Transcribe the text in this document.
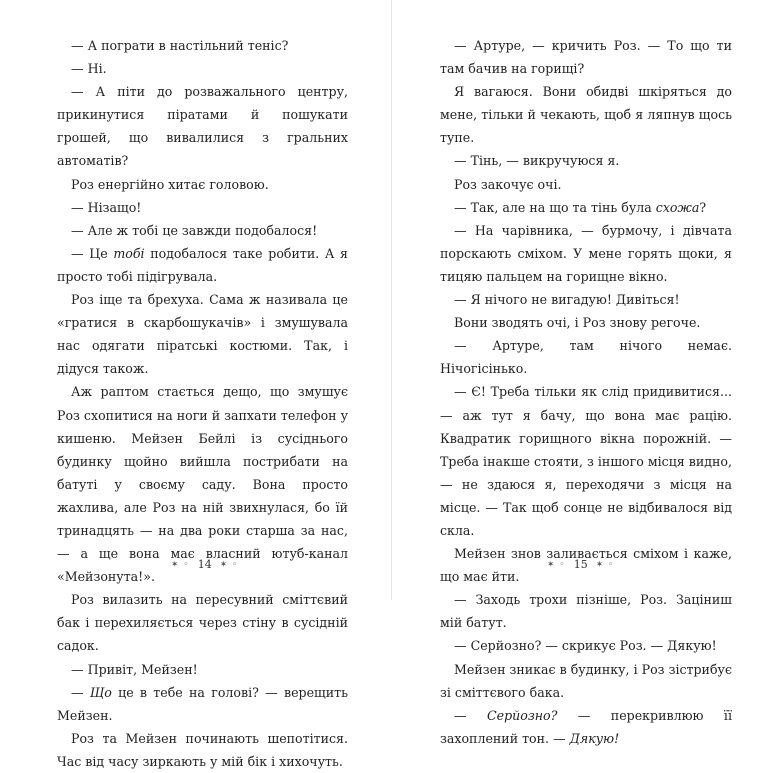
— А пограти в настільний теніс?

— Ні.

— А піти до розважального центру, прикинутися піратами й пошукати грошей, що вивалилися з гральних автоматів?

Роз енергійно хитає головою.

— Нізащо!

— Але ж тобі це завжди подобалося!

— Це тобі подобалося таке робити. А я просто тобі підігрувала.

Роз іще та брехуха. Сама ж називала це «гратися в скарбошукачів» і змушувала нас одягати піратські костюми. Так, і дідуся також.

Аж раптом стається дещо, що змушує Роз схопитися на ноги й запхати телефон у кишеню. Мейзен Бейлі із сусіднього будинку щойно вийшла пострибати на батуті у своєму саду. Вона просто жахлива, але Роз на ній звихнулася, бо їй тринадцять — на два роки старша за нас, — а ще вона має власний ютуб-канал «Мейзонута!».

Роз вилазить на пересувний сміттєвий бак і перехиляється через стіну в сусідній садок.

— Привіт, Мейзен!

— Що це в тебе на голові? — верещить Мейзен.

Роз та Мейзен починають шепотітися. Час від часу зиркають у мій бік і хихочуть.

✶ ◦ 14 ✶ ◦

— Артуре, — кричить Роз. — То що ти там бачив на горищі?

Я вагаюся. Вони обидві шкіряться до мене, тільки й чекають, щоб я ляпнув щось тупе.

— Тінь, — викручуюся я.

Роз закочує очі.

— Так, але на що та тінь була схожа?

— На чарівника, — бурмочу, і дівчата порскають сміхом. У мене горять щоки, я тицяю пальцем на горищне вікно.

— Я нічого не вигадую! Дивіться!

Вони зводять очі, і Роз знову регоче.

— Артуре, там нічого немає. Нічогісінько.

— Є! Треба тільки як слід придивитися... — аж тут я бачу, що вона має рацію. Квадратик горищного вікна порожній. — Треба інакше стояти, з іншого місця видно, — не здаюся я, переходячи з місця на місце. — Так щоб сонце не відбивалося від скла.

Мейзен знов заливається сміхом і каже, що має йти.

— Заходь трохи пізніше, Роз. Заціниш мій батут.

— Серйозно? — скрикує Роз. — Дякую!

Мейзен зникає в будинку, і Роз зістрибує зі сміттєвого бака.

— Серйозно? — перекривлюю її захоплений тон. — Дякую!

✶ ◦ 15 ✶ ◦
